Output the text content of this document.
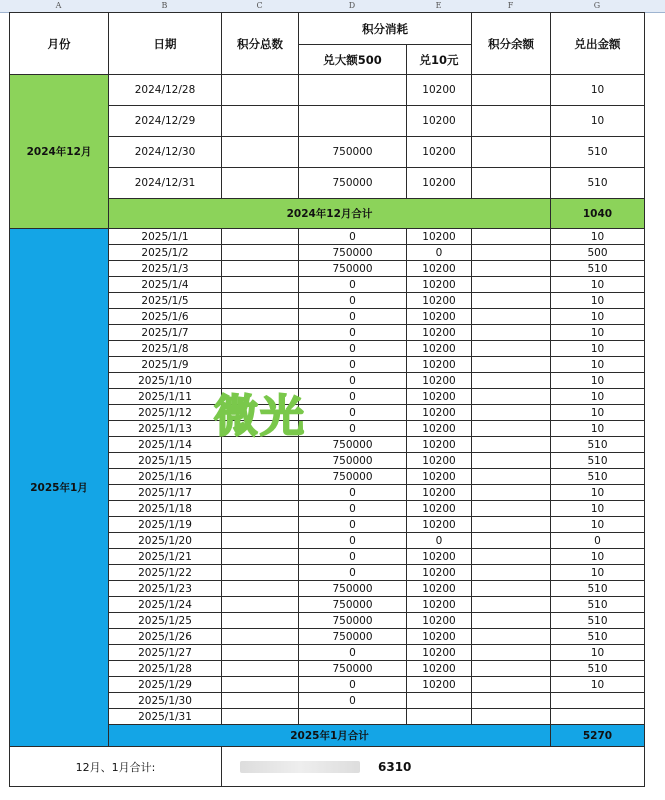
A	B	C	D	E	F	G
月份	日期	积分总数	积分消耗		积分余额	兑出金额
			兑大额500	兑10元		
2024年12月	2024/12/28			10200		10
	2024/12/29			10200		10
	2024/12/30		750000	10200		510
	2024/12/31		750000	10200		510
	2024年12月合计					1040
2025年1月	2025/1/1		0	10200		10
	2025/1/2		750000	0		500
	2025/1/3		750000	10200		510
	2025/1/4		0	10200		10
	2025/1/5		0	10200		10
	2025/1/6		0	10200		10
	2025/1/7		0	10200		10
	2025/1/8		0	10200		10
	2025/1/9		0	10200		10
	2025/1/10		0	10200		10
	2025/1/11		0	10200		10
	2025/1/12		0	10200		10
	2025/1/13		0	10200		10
	2025/1/14		750000	10200		510
	2025/1/15		750000	10200		510
	2025/1/16		750000	10200		510
	2025/1/17		0	10200		10
	2025/1/18		0	10200		10
	2025/1/19		0	10200		10
	2025/1/20		0	0		0
	2025/1/21		0	10200		10
	2025/1/22		0	10200		10
	2025/1/23		750000	10200		510
	2025/1/24		750000	10200		510
	2025/1/25		750000	10200		510
	2025/1/26		750000	10200		510
	2025/1/27		0	10200		10
	2025/1/28		750000	10200		510
	2025/1/29		0	10200		10
	2025/1/30		0			
	2025/1/31					
	2025年1月合计					5270
12月、1月合计:		6310				
微光
